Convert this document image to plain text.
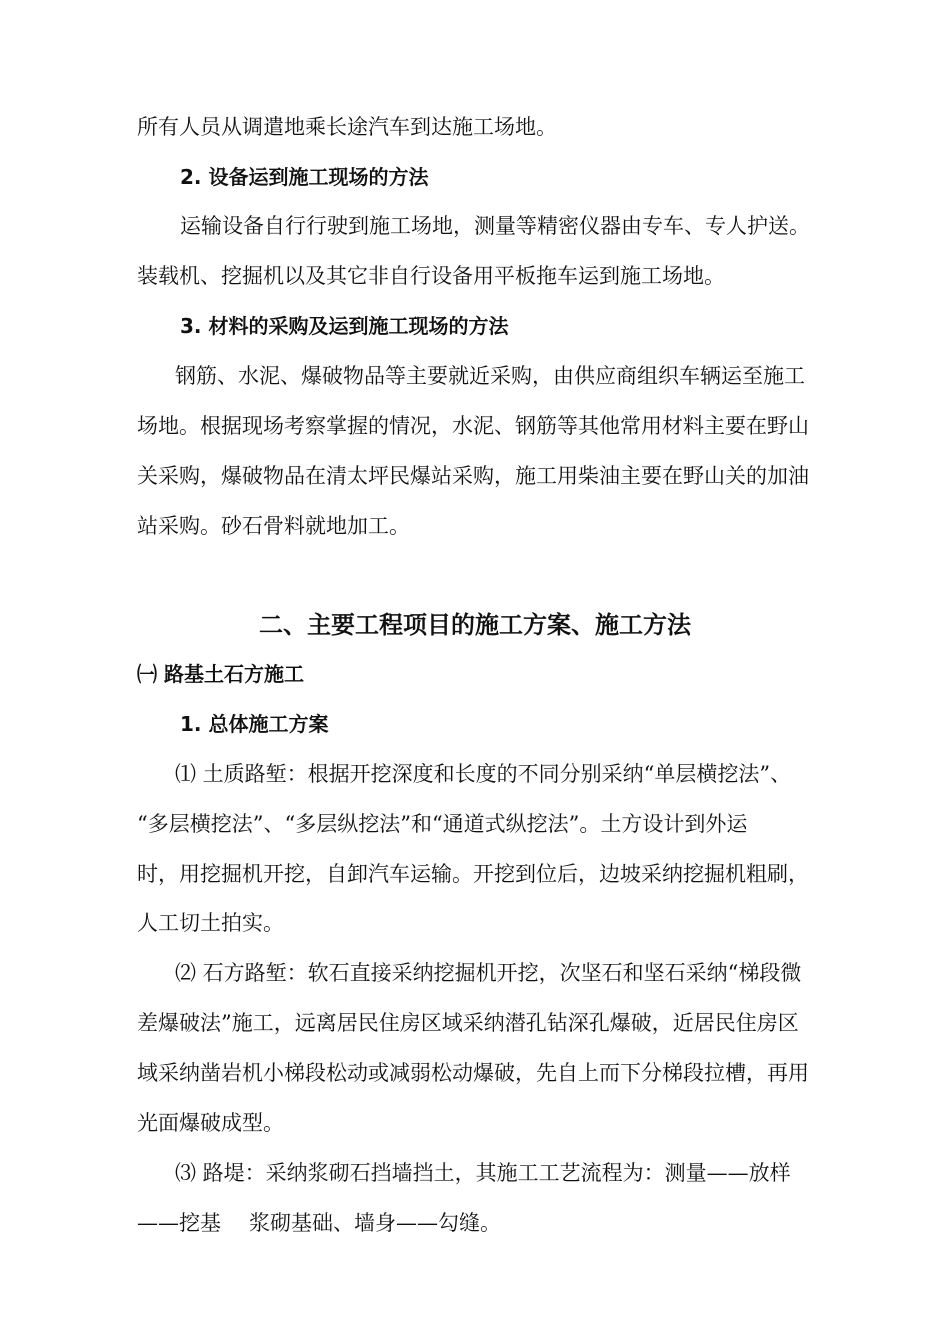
所有人员从调遣地乘长途汽车到达施工场地。
2. 设备运到施工现场的方法
运输设备自行行驶到施工场地，测量等精密仪器由专车、专人护送。
装载机、挖掘机以及其它非自行设备用平板拖车运到施工场地。
3. 材料的采购及运到施工现场的方法
钢筋、水泥、爆破物品等主要就近采购，由供应商组织车辆运至施工
场地。根据现场考察掌握的情况，水泥、钢筋等其他常用材料主要在野山
关采购，爆破物品在清太坪民爆站采购，施工用柴油主要在野山关的加油
站采购。砂石骨料就地加工。
二、主要工程项目的施工方案、施工方法
㈠ 路基土石方施工
1. 总体施工方案
⑴ 土质路堑：根据开挖深度和长度的不同分别采纳“单层横挖法”、
“多层横挖法”、“多层纵挖法”和“通道式纵挖法”。土方设计到外运
时，用挖掘机开挖，自卸汽车运输。开挖到位后，边坡采纳挖掘机粗刷，
人工切土拍实。
⑵ 石方路堑：软石直接采纳挖掘机开挖，次坚石和坚石采纳“梯段微
差爆破法”施工，远离居民住房区域采纳潜孔钻深孔爆破，近居民住房区
域采纳凿岩机小梯段松动或减弱松动爆破，先自上而下分梯段拉槽，再用
光面爆破成型。
⑶ 路堤：采纳浆砌石挡墙挡土，其施工工艺流程为：测量——放样
——挖基 浆砌基础、墙身——勾缝。
